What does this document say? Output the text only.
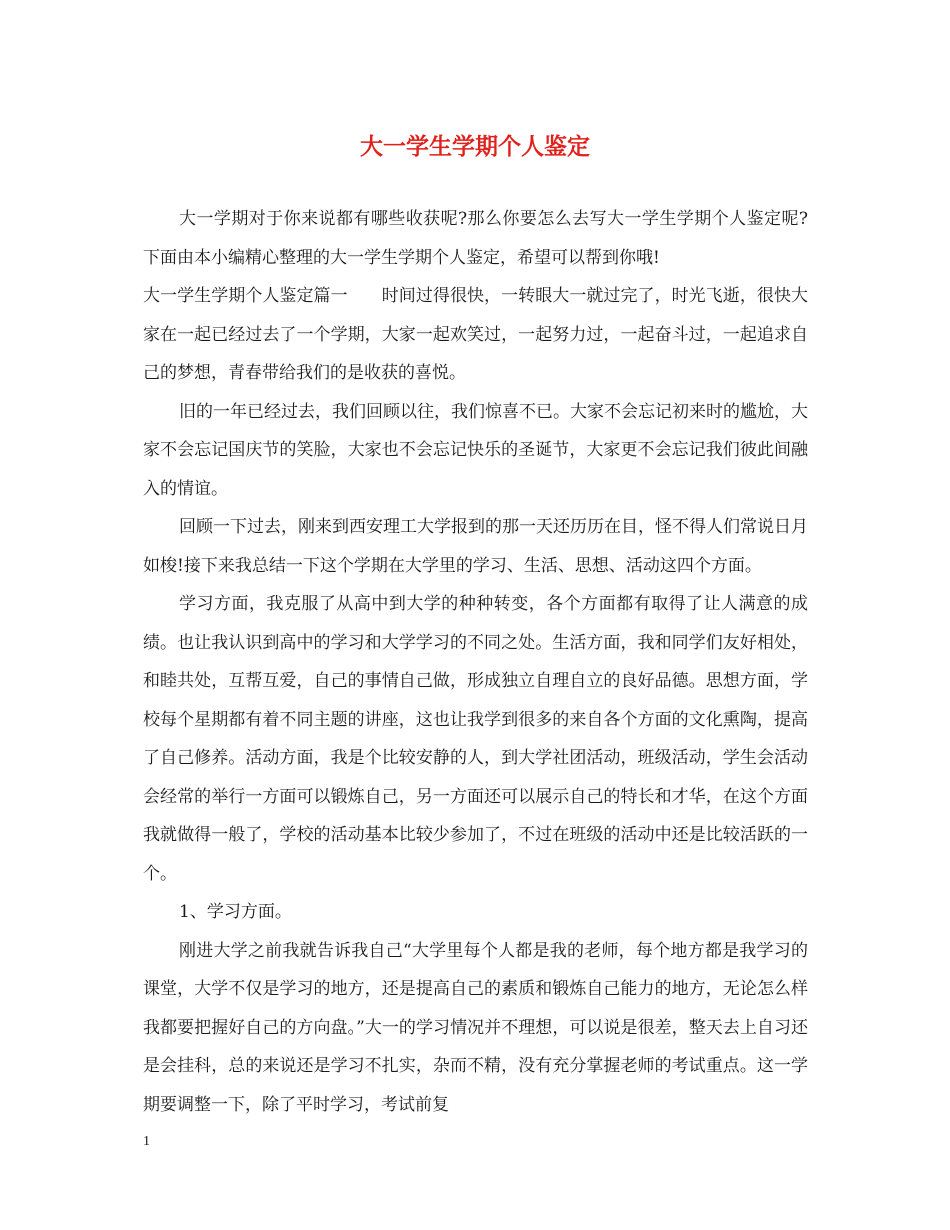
大一学生学期个人鉴定

大一学期对于你来说都有哪些收获呢?那么你要怎么去写大一学生学期个人鉴定呢?下面由本小编精心整理的大一学生学期个人鉴定，希望可以帮到你哦!

大一学生学期个人鉴定篇一　　时间过得很快，一转眼大一就过完了，时光飞逝，很快大家在一起已经过去了一个学期，大家一起欢笑过，一起努力过，一起奋斗过，一起追求自己的梦想，青春带给我们的是收获的喜悦。

旧的一年已经过去，我们回顾以往，我们惊喜不已。大家不会忘记初来时的尴尬，大家不会忘记国庆节的笑脸，大家也不会忘记快乐的圣诞节，大家更不会忘记我们彼此间融入的情谊。

回顾一下过去，刚来到西安理工大学报到的那一天还历历在目，怪不得人们常说日月如梭!接下来我总结一下这个学期在大学里的学习、生活、思想、活动这四个方面。

学习方面，我克服了从高中到大学的种种转变，各个方面都有取得了让人满意的成绩。也让我认识到高中的学习和大学学习的不同之处。生活方面，我和同学们友好相处，和睦共处，互帮互爱，自己的事情自己做，形成独立自理自立的良好品德。思想方面，学校每个星期都有着不同主题的讲座，这也让我学到很多的来自各个方面的文化熏陶，提高了自己修养。活动方面，我是个比较安静的人，到大学社团活动，班级活动，学生会活动会经常的举行一方面可以锻炼自己，另一方面还可以展示自己的特长和才华，在这个方面我就做得一般了，学校的活动基本比较少参加了，不过在班级的活动中还是比较活跃的一个。

1、学习方面。

刚进大学之前我就告诉我自己“大学里每个人都是我的老师，每个地方都是我学习的课堂，大学不仅是学习的地方，还是提高自己的素质和锻炼自己能力的地方，无论怎么样我都要把握好自己的方向盘。”大一的学习情况并不理想，可以说是很差，整天去上自习还是会挂科，总的来说还是学习不扎实，杂而不精，没有充分掌握老师的考试重点。这一学期要调整一下，除了平时学习，考试前复

1
